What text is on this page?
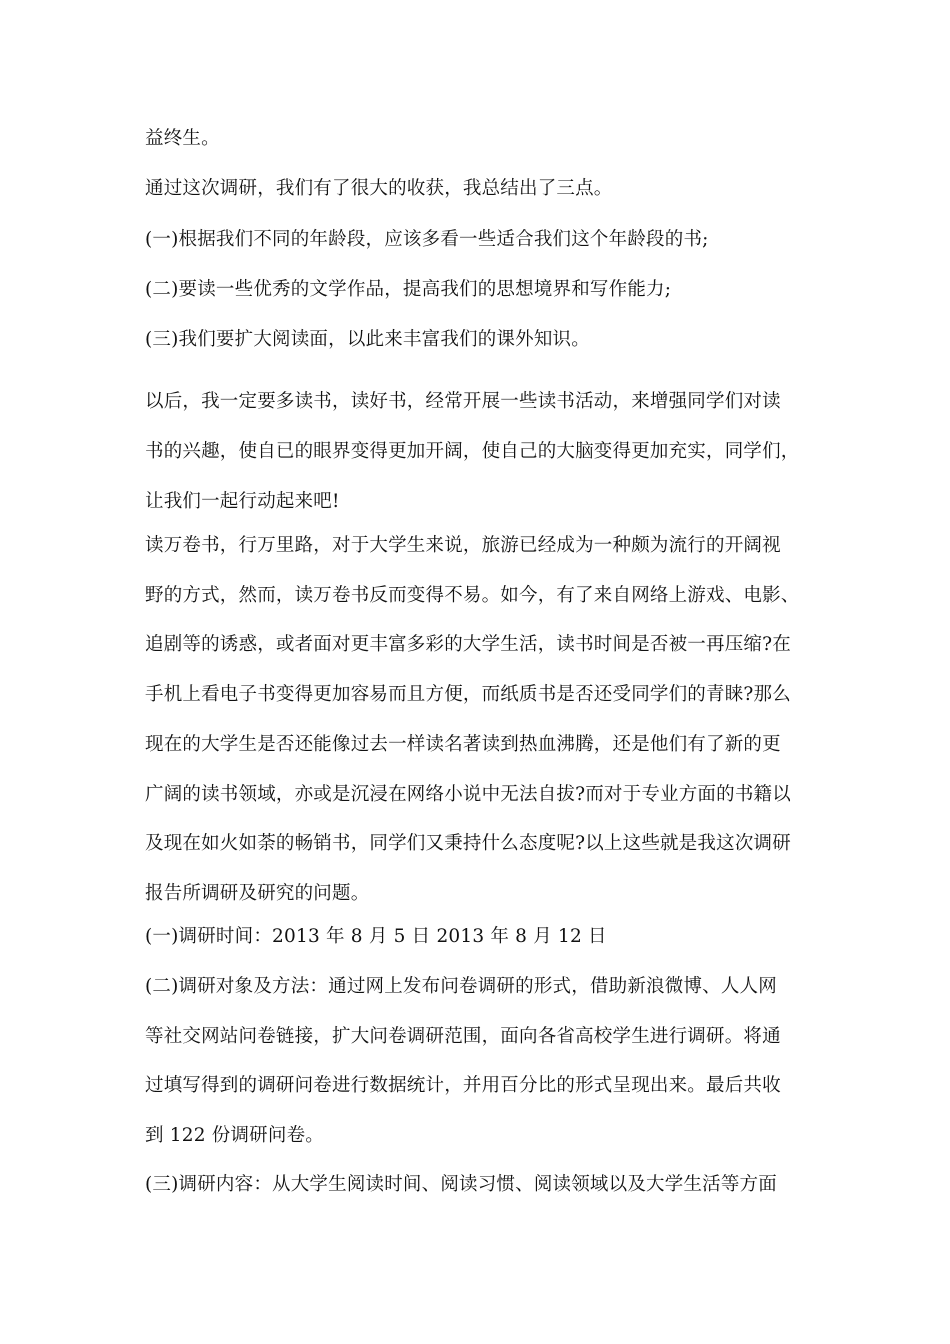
益终生。

通过这次调研，我们有了很大的收获，我总结出了三点。

(一)根据我们不同的年龄段，应该多看一些适合我们这个年龄段的书;

(二)要读一些优秀的文学作品，提高我们的思想境界和写作能力;

(三)我们要扩大阅读面，以此来丰富我们的课外知识。

以后，我一定要多读书，读好书，经常开展一些读书活动，来增强同学们对读

书的兴趣，使自已的眼界变得更加开阔，使自己的大脑变得更加充实，同学们，

让我们一起行动起来吧!

读万卷书，行万里路，对于大学生来说，旅游已经成为一种颇为流行的开阔视

野的方式，然而，读万卷书反而变得不易。如今，有了来自网络上游戏、电影、

追剧等的诱惑，或者面对更丰富多彩的大学生活，读书时间是否被一再压缩?在

手机上看电子书变得更加容易而且方便，而纸质书是否还受同学们的青睐?那么

现在的大学生是否还能像过去一样读名著读到热血沸腾，还是他们有了新的更

广阔的读书领域，亦或是沉浸在网络小说中无法自拔?而对于专业方面的书籍以

及现在如火如荼的畅销书，同学们又秉持什么态度呢?以上这些就是我这次调研

报告所调研及研究的问题。

(一)调研时间：2013 年 8 月 5 日 2013 年 8 月 12 日

(二)调研对象及方法：通过网上发布问卷调研的形式，借助新浪微博、人人网

等社交网站问卷链接，扩大问卷调研范围，面向各省高校学生进行调研。将通

过填写得到的调研问卷进行数据统计，并用百分比的形式呈现出来。最后共收

到 122 份调研问卷。

(三)调研内容：从大学生阅读时间、阅读习惯、阅读领域以及大学生活等方面
